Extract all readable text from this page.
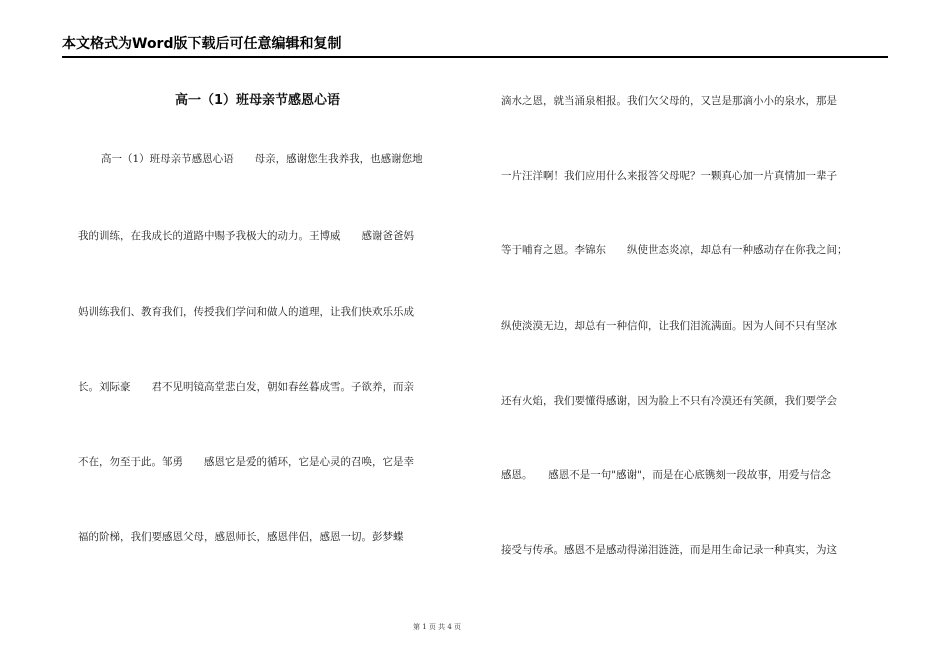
本文格式为Word版下载后可任意编辑和复制
高一（1）班母亲节感恩心语
高一（1）班母亲节感恩心语　　母亲，感谢您生我养我，也感谢您地
我的训练，在我成长的道路中赐予我极大的动力。王博威　　感谢爸爸妈
妈训练我们、教育我们，传授我们学问和做人的道理，让我们快欢乐乐成
长。刘际豪　　君不见明镜高堂悲白发，朝如春丝暮成雪。子欲养，而亲
不在，勿至于此。邹勇　　感恩它是爱的循环，它是心灵的召唤，它是幸
福的阶梯，我们要感恩父母，感恩师长，感恩伴侣，感恩一切。彭梦蝶
滴水之恩，就当涌泉相报。我们欠父母的，又岂是那滴小小的泉水，那是
一片汪洋啊！我们应用什么来报答父母呢？一颗真心加一片真情加一辈子
等于哺育之恩。李锦东　　纵使世态炎凉，却总有一种感动存在你我之间；
纵使淡漠无边，却总有一种信仰，让我们泪流满面。因为人间不只有坚冰
还有火焰，我们要懂得感谢，因为脸上不只有冷漠还有笑颜，我们要学会
感恩。　　感恩不是一句"感谢"，而是在心底镌刻一段故事，用爱与信念
接受与传承。感恩不是感动得涕泪涟涟，而是用生命记录一种真实，为这
第 1 页 共 4 页
